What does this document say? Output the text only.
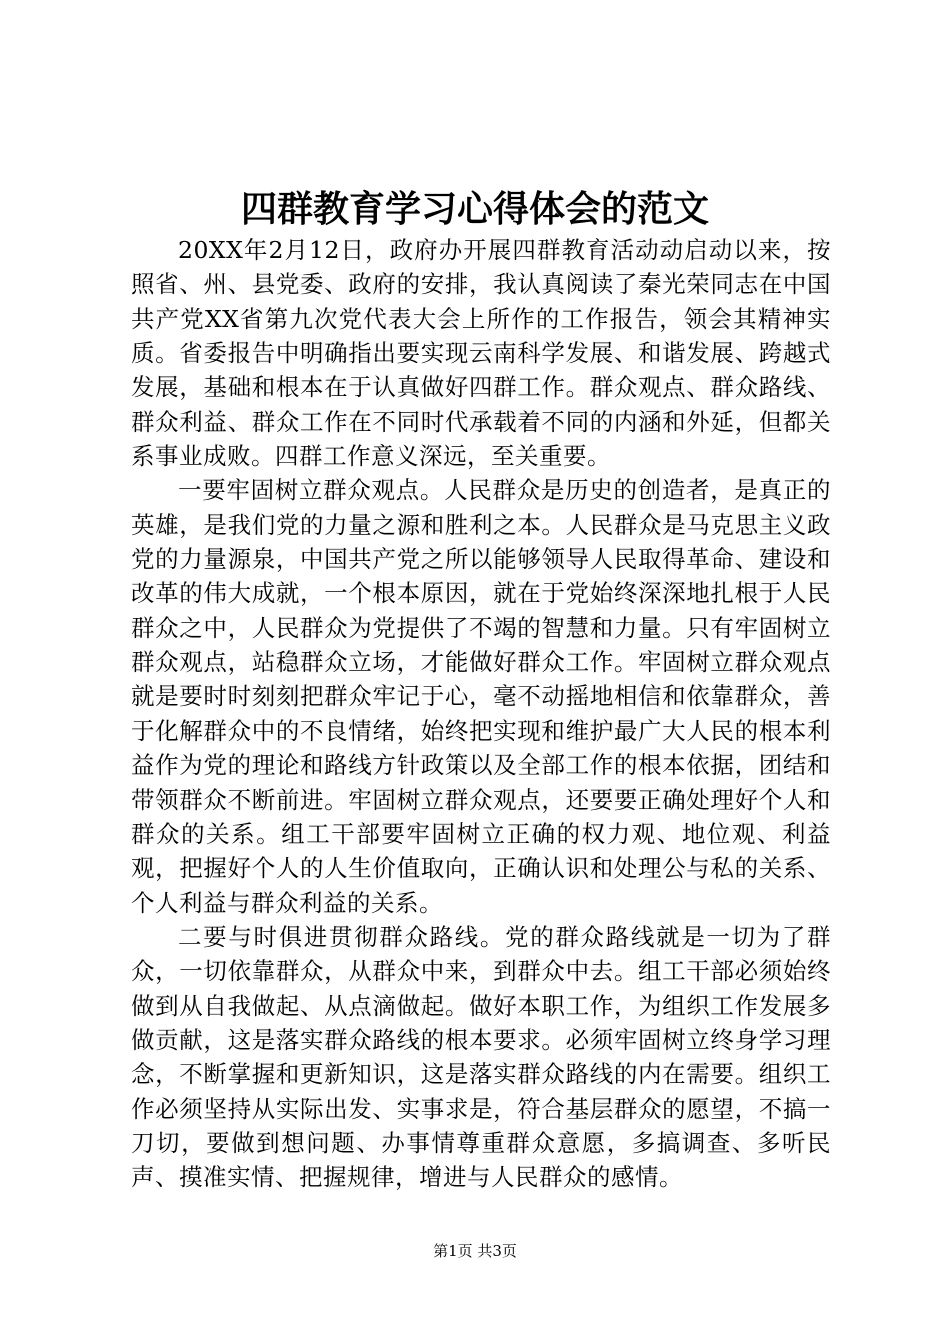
四群教育学习心得体会的范文

20XX年2月12日，政府办开展四群教育活动动启动以来，按照省、州、县党委、政府的安排，我认真阅读了秦光荣同志在中国共产党XX省第九次党代表大会上所作的工作报告，领会其精神实质。省委报告中明确指出要实现云南科学发展、和谐发展、跨越式发展，基础和根本在于认真做好四群工作。群众观点、群众路线、群众利益、群众工作在不同时代承载着不同的内涵和外延，但都关系事业成败。四群工作意义深远，至关重要。

一要牢固树立群众观点。人民群众是历史的创造者，是真正的英雄，是我们党的力量之源和胜利之本。人民群众是马克思主义政党的力量源泉，中国共产党之所以能够领导人民取得革命、建设和改革的伟大成就，一个根本原因，就在于党始终深深地扎根于人民群众之中，人民群众为党提供了不竭的智慧和力量。只有牢固树立群众观点，站稳群众立场，才能做好群众工作。牢固树立群众观点就是要时时刻刻把群众牢记于心，毫不动摇地相信和依靠群众，善于化解群众中的不良情绪，始终把实现和维护最广大人民的根本利益作为党的理论和路线方针政策以及全部工作的根本依据，团结和带领群众不断前进。牢固树立群众观点，还要要正确处理好个人和群众的关系。组工干部要牢固树立正确的权力观、地位观、利益观，把握好个人的人生价值取向，正确认识和处理公与私的关系、个人利益与群众利益的关系。

二要与时俱进贯彻群众路线。党的群众路线就是一切为了群众，一切依靠群众，从群众中来，到群众中去。组工干部必须始终做到从自我做起、从点滴做起。做好本职工作，为组织工作发展多做贡献，这是落实群众路线的根本要求。必须牢固树立终身学习理念，不断掌握和更新知识，这是落实群众路线的内在需要。组织工作必须坚持从实际出发、实事求是，符合基层群众的愿望，不搞一刀切，要做到想问题、办事情尊重群众意愿，多搞调查、多听民声、摸准实情、把握规律，增进与人民群众的感情。

第1页 共3页
